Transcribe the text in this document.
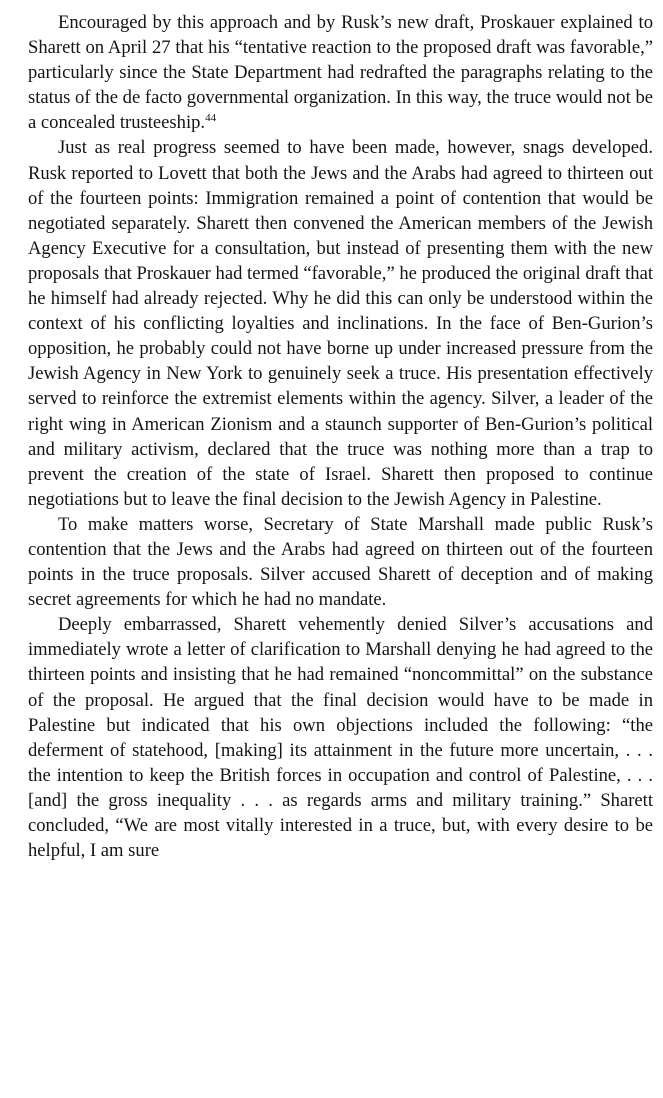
Encouraged by this approach and by Rusk’s new draft, Proskauer explained to Sharett on April 27 that his “tentative reaction to the proposed draft was favorable,” particularly since the State Department had redrafted the paragraphs relating to the status of the de facto governmental organization. In this way, the truce would not be a concealed trusteeship.$^{44}$

Just as real progress seemed to have been made, however, snags developed. Rusk reported to Lovett that both the Jews and the Arabs had agreed to thirteen out of the fourteen points: Immigration remained a point of contention that would be negotiated separately. Sharett then convened the American members of the Jewish Agency Executive for a consultation, but instead of presenting them with the new proposals that Proskauer had termed “favorable,” he produced the original draft that he himself had already rejected. Why he did this can only be understood within the context of his conflicting loyalties and inclinations. In the face of Ben-Gurion’s opposition, he probably could not have borne up under increased pressure from the Jewish Agency in New York to genuinely seek a truce. His presentation effectively served to reinforce the extremist elements within the agency. Silver, a leader of the right wing in American Zionism and a staunch supporter of Ben-Gurion’s political and military activism, declared that the truce was nothing more than a trap to prevent the creation of the state of Israel. Sharett then proposed to continue negotiations but to leave the final decision to the Jewish Agency in Palestine.

To make matters worse, Secretary of State Marshall made public Rusk’s contention that the Jews and the Arabs had agreed on thirteen out of the fourteen points in the truce proposals. Silver accused Sharett of deception and of making secret agreements for which he had no mandate.

Deeply embarrassed, Sharett vehemently denied Silver’s accusations and immediately wrote a letter of clarification to Marshall denying he had agreed to the thirteen points and insisting that he had remained “noncommittal” on the substance of the proposal. He argued that the final decision would have to be made in Palestine but indicated that his own objections included the following: “the deferment of statehood, [making] its attainment in the future more uncertain, . . . the intention to keep the British forces in occupation and control of Palestine, . . . [and] the gross inequality . . . as regards arms and military training.” Sharett concluded, “We are most vitally interested in a truce, but, with every desire to be helpful, I am sure
